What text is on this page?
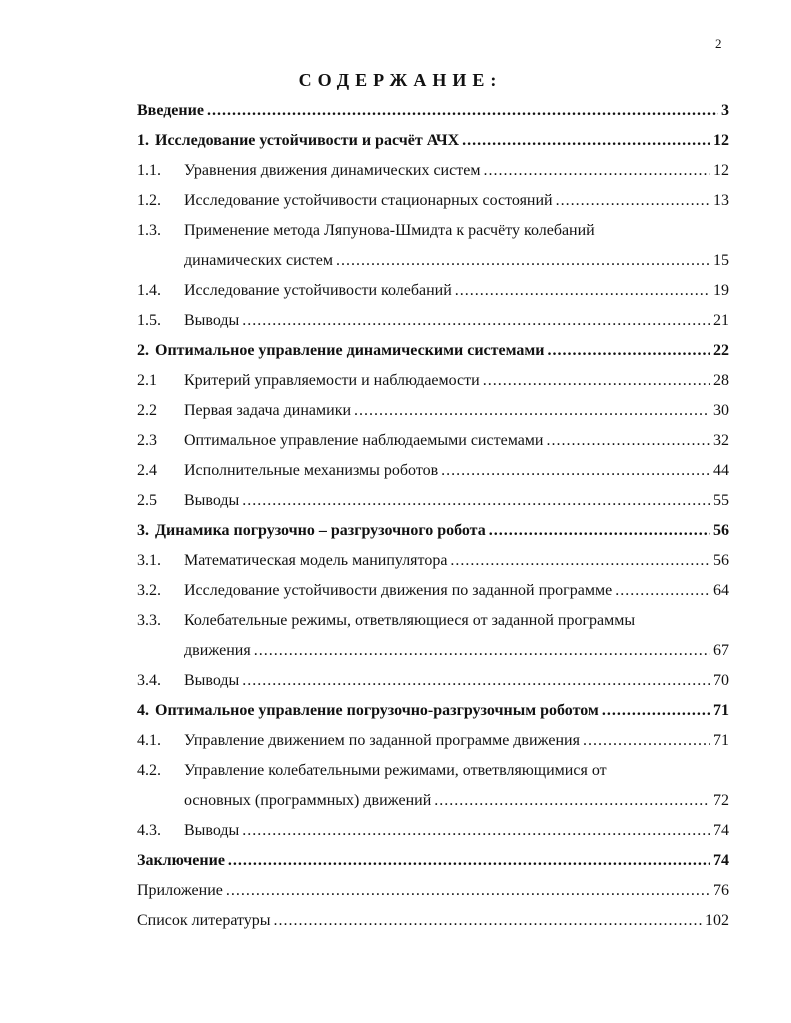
2
СОДЕРЖАНИЕ:
Введение .....	3
1. Исследование устойчивости и расчёт АЧХ .....	12
1.1.	Уравнения движения динамических систем .....	12
1.2.	Исследование устойчивости стационарных состояний .....	13
1.3. Применение метода Ляпунова-Шмидта к расчёту колебаний
динамических систем .....	15
1.4.	Исследование устойчивости колебаний .....	19
1.5.	Выводы .....	21
2. Оптимальное управление динамическими системами .....	22
2.1	Критерий управляемости и наблюдаемости .....	28
2.2	Первая задача динамики .....	30
2.3	Оптимальное управление наблюдаемыми системами .....	32
2.4	Исполнительные механизмы роботов .....	44
2.5	Выводы .....	55
3. Динамика погрузочно – разгрузочного робота .....	56
3.1.	Математическая модель манипулятора .....	56
3.2.	Исследование устойчивости движения по заданной программе .....	64
3.3. Колебательные режимы, ответвляющиеся от заданной программы
движения .....	67
3.4.	Выводы .....	70
4. Оптимальное управление погрузочно-разгрузочным роботом .....	71
4.1.	Управление движением по заданной программе движения .....	71
4.2. Управление колебательными режимами, ответвляющимися от
основных (программных) движений .....	72
4.3.	Выводы .....	74
Заключение .....	74
Приложение .....	76
Список литературы .....	102
